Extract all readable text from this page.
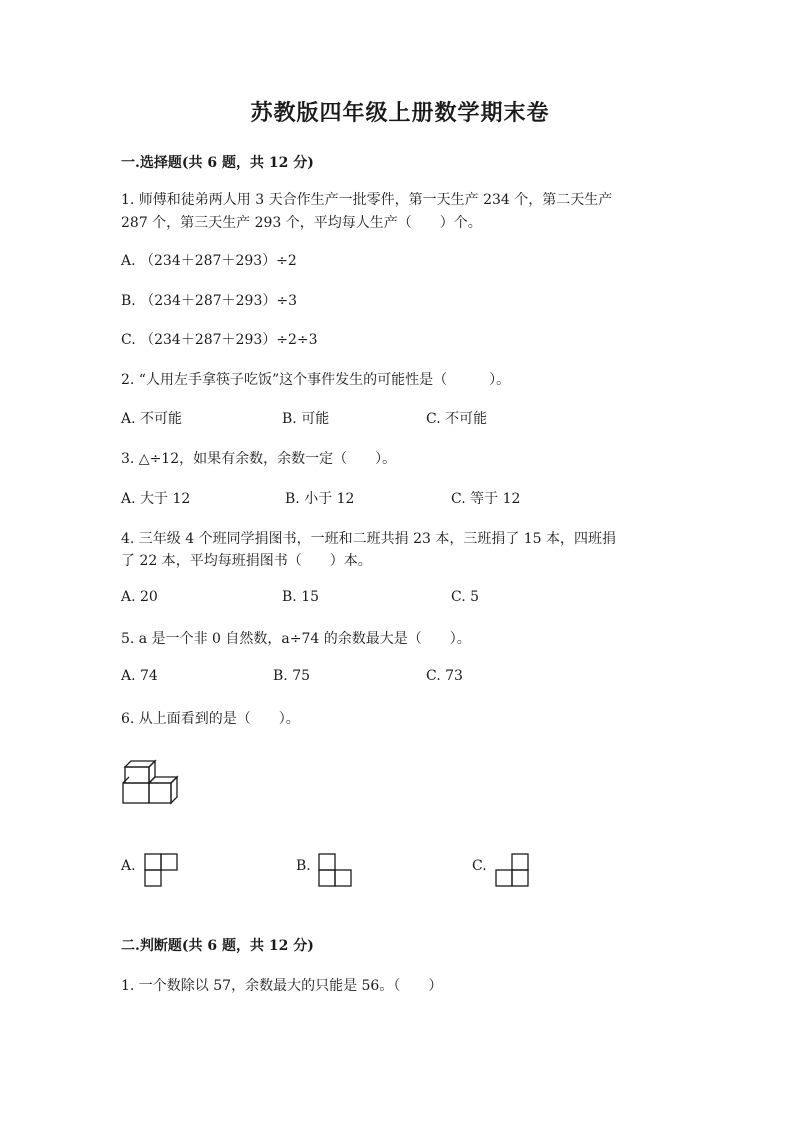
苏教版四年级上册数学期末卷
一.选择题(共 6 题，共 12 分)
1. 师傅和徒弟两人用 3 天合作生产一批零件，第一天生产 234 个，第二天生产
287 个，第三天生产 293 个，平均每人生产（　　）个。
A. （234＋287＋293）÷2
B. （234＋287＋293）÷3
C. （234＋287＋293）÷2÷3
2. “人用左手拿筷子吃饭”这个事件发生的可能性是（　　　）。
A. 不可能	B. 可能	C. 不可能
3. △÷12，如果有余数，余数一定（　　）。
A. 大于 12	B. 小于 12	C. 等于 12
4. 三年级 4 个班同学捐图书，一班和二班共捐 23 本，三班捐了 15 本，四班捐
了 22 本，平均每班捐图书（　　）本。
A. 20	B. 15	C. 5
5. a 是一个非 0 自然数，a÷74 的余数最大是（　　）。
A. 74	B. 75	C. 73
6. 从上面看到的是（　　）。
A.	B.	C.
二.判断题(共 6 题，共 12 分)
1. 一个数除以 57，余数最大的只能是 56。（　　）
